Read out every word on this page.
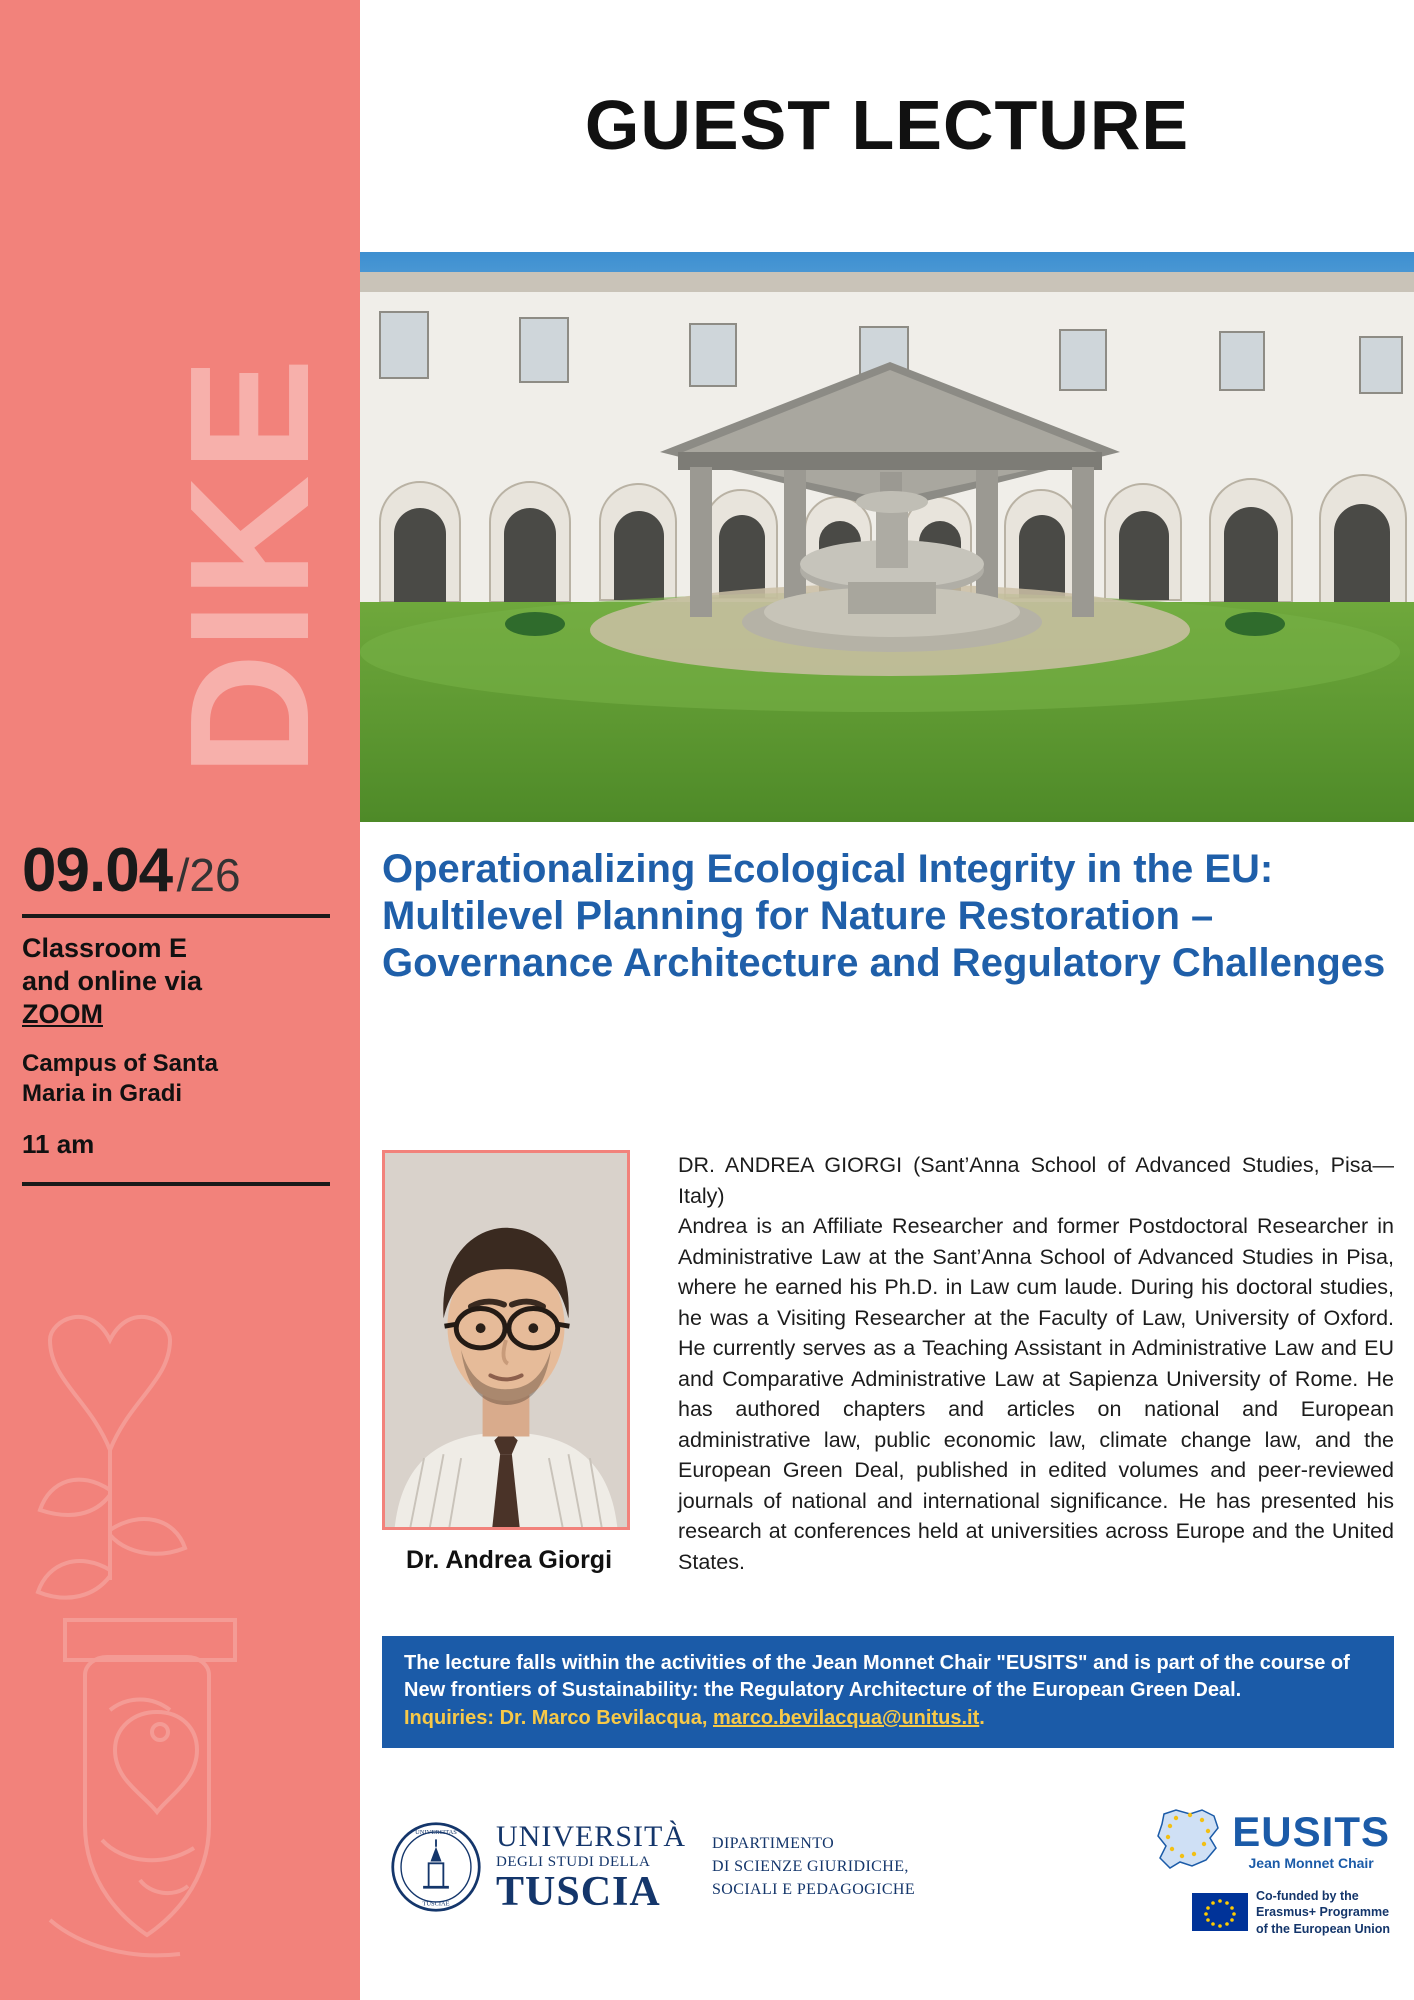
DIKE
09.04 /26
Classroom E
and online via
ZOOM
Campus of Santa
Maria in Gradi
11 am
GUEST LECTURE
Operationalizing Ecological Integrity in the EU: Multilevel Planning for Nature Restoration – Governance Architecture and Regulatory Challenges
Dr. Andrea Giorgi

DR. ANDREA GIORGI (Sant’Anna School of Advanced Studies, Pisa—Italy)

Andrea is an Affiliate Researcher and former Postdoctoral Researcher in Administrative Law at the Sant’Anna School of Advanced Studies in Pisa, where he earned his Ph.D. in Law cum laude. During his doctoral studies, he was a Visiting Researcher at the Faculty of Law, University of Oxford. He currently serves as a Teaching Assistant in Administrative Law and EU and Comparative Administrative Law at Sapienza University of Rome. He has authored chapters and articles on national and European administrative law, public economic law, climate change law, and the European Green Deal, published in edited volumes and peer-reviewed journals of national and international significance. He has presented his research at conferences held at universities across Europe and the United States.

The lecture falls within the activities of the Jean Monnet Chair "EUSITS" and is part of the course of New frontiers of Sustainability: the Regulatory Architecture of the European Green Deal.
Inquiries: Dr. Marco Bevilacqua, marco.bevilacqua@unitus.it.
UNIVERSITAS
TUSCIAE
UNIVERSITÀ
DEGLI STUDI DELLA
TUSCIA
DIPARTIMENTO
DI SCIENZE GIURIDICHE,
SOCIALI E PEDAGOGICHE
EUSITS
Jean Monnet Chair
Co-funded by the
Erasmus+ Programme
of the European Union
